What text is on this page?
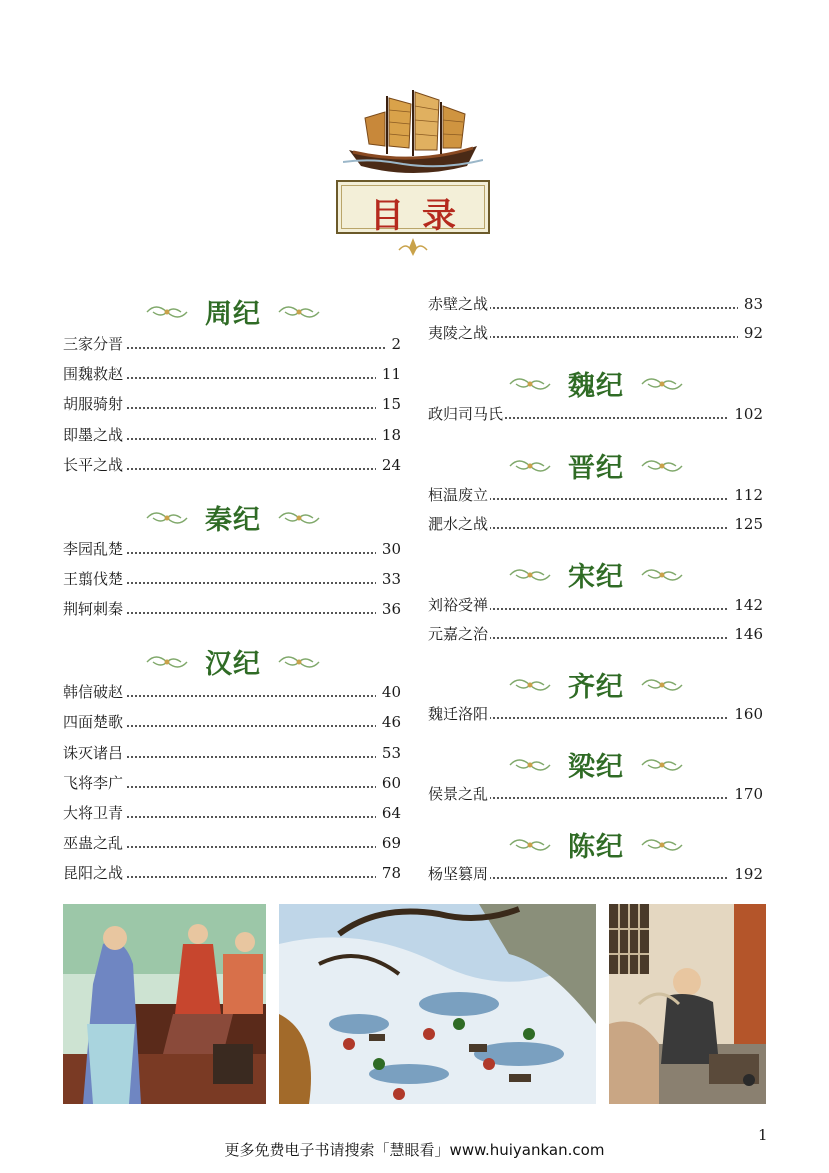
目录
周纪
三家分晋	2
围魏救赵	11
胡服骑射	15
即墨之战	18
长平之战	24
秦纪
李园乱楚	30
王翦伐楚	33
荆轲刺秦	36
汉纪
韩信破赵	40
四面楚歌	46
诛灭诸吕	53
飞将李广	60
大将卫青	64
巫蛊之乱	69
昆阳之战	78
赤壁之战	83
夷陵之战	92
魏纪
政归司马氏	102
晋纪
桓温废立	112
淝水之战	125
宋纪
刘裕受禅	142
元嘉之治	146
齐纪
魏迁洛阳	160
梁纪
侯景之乱	170
陈纪
杨坚篡周	192
1
更多免费电子书请搜索「慧眼看」www.huiyankan.com
